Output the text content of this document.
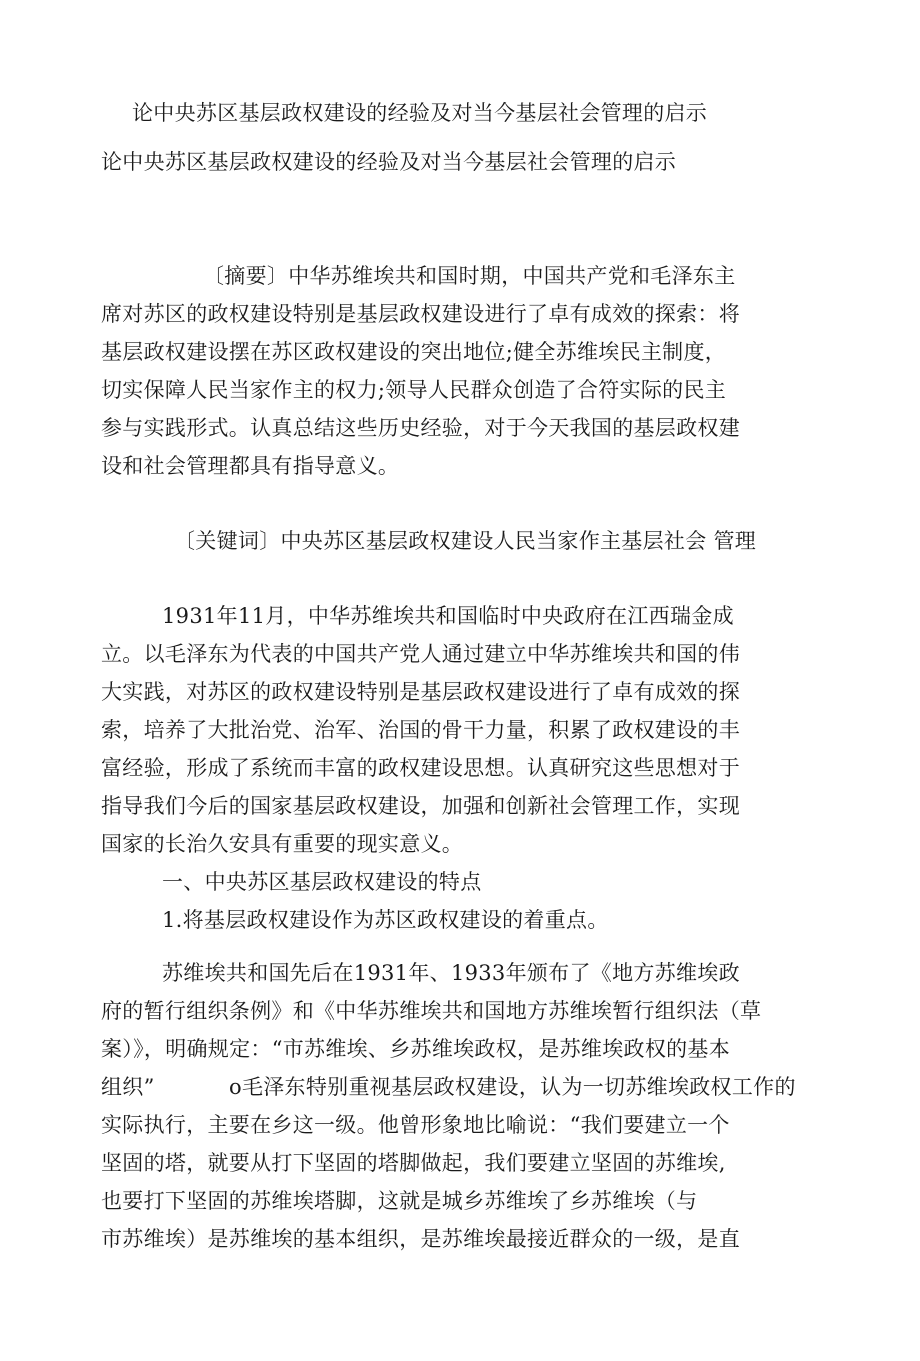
论中央苏区基层政权建设的经验及对当今基层社会管理的启示
论中央苏区基层政权建设的经验及对当今基层社会管理的启示
〔摘要〕中华苏维埃共和国时期，中国共产党和毛泽东主
席对苏区的政权建设特别是基层政权建设进行了卓有成效的探索：将
基层政权建设摆在苏区政权建设的突出地位;健全苏维埃民主制度，
切实保障人民当家作主的权力;领导人民群众创造了合符实际的民主
参与实践形式。认真总结这些历史经验，对于今天我国的基层政权建
设和社会管理都具有指导意义。
〔关键词〕中央苏区基层政权建设人民当家作主基层社会 管理
1931年11月，中华苏维埃共和国临时中央政府在江西瑞金成
立。以毛泽东为代表的中国共产党人通过建立中华苏维埃共和国的伟
大实践，对苏区的政权建设特别是基层政权建设进行了卓有成效的探
索，培养了大批治党、治军、治国的骨干力量，积累了政权建设的丰
富经验，形成了系统而丰富的政权建设思想。认真研究这些思想对于
指导我们今后的国家基层政权建设，加强和创新社会管理工作，实现
国家的长治久安具有重要的现实意义。
一、中央苏区基层政权建设的特点
1.将基层政权建设作为苏区政权建设的着重点。
苏维埃共和国先后在1931年、1933年颁布了《地方苏维埃政
府的暂行组织条例》和《中华苏维埃共和国地方苏维埃暂行组织法（草
案）》，明确规定：“市苏维埃、乡苏维埃政权，是苏维埃政权的基本
组织”	o毛泽东特别重视基层政权建设，认为一切苏维埃政权工作的
实际执行，主要在乡这一级。他曾形象地比喻说：“我们要建立一个
坚固的塔，就要从打下坚固的塔脚做起，我们要建立坚固的苏维埃,
也要打下坚固的苏维埃塔脚，这就是城乡苏维埃了乡苏维埃（与
市苏维埃）是苏维埃的基本组织，是苏维埃最接近群众的一级，是直
